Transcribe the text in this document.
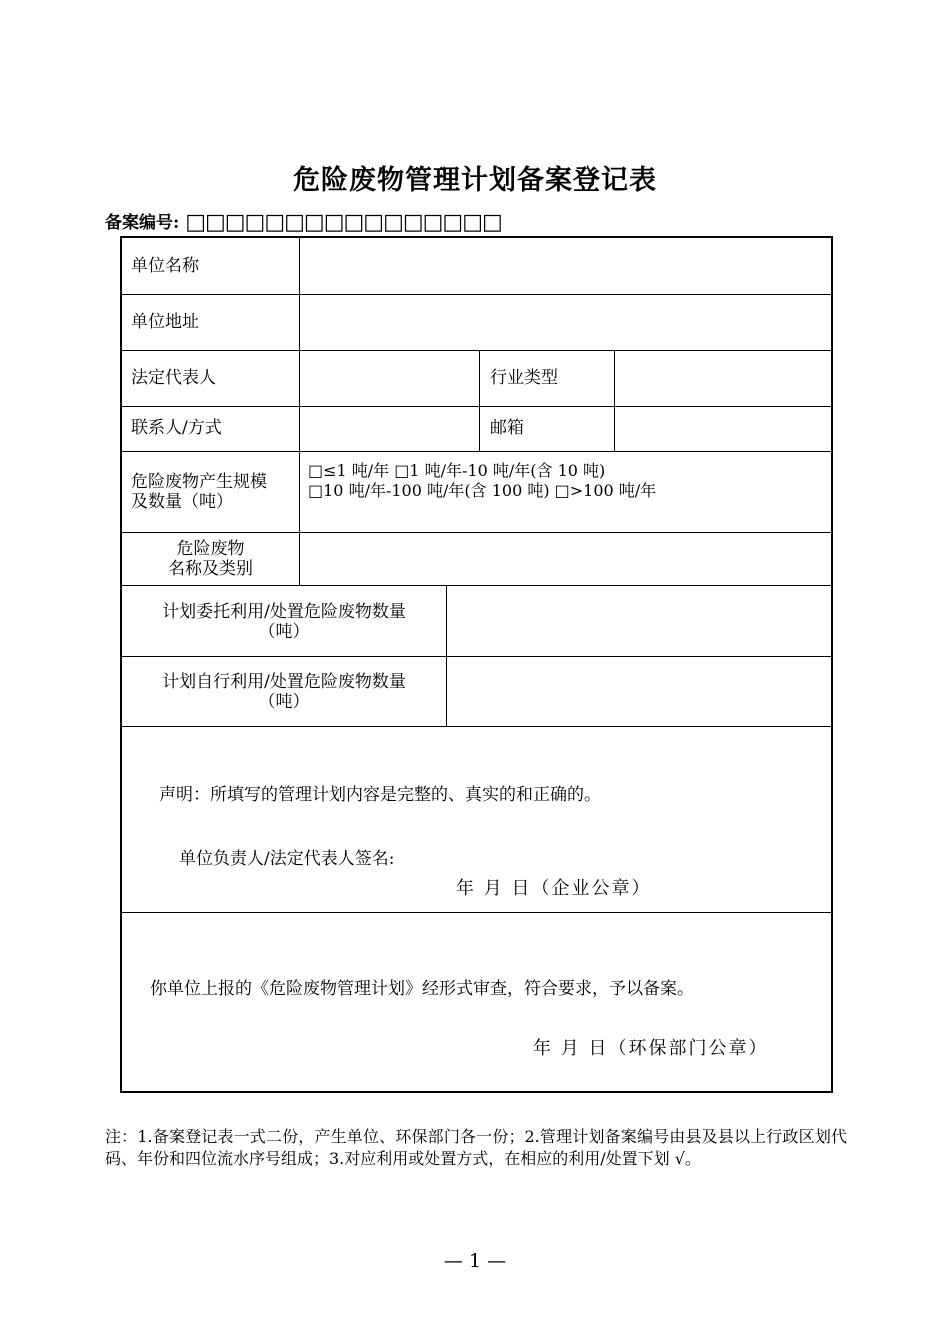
危险废物管理计划备案登记表
备案编号: □□□□□□□□□□□□□□□□
单位名称
单位地址
法定代表人	行业类型
联系人/方式	邮箱
危险废物产生规模
及数量（吨）
□≤1 吨/年 □1 吨/年-10 吨/年(含 10 吨)
□10 吨/年-100 吨/年(含 100 吨) □>100 吨/年
危险废物
名称及类别
计划委托利用/处置危险废物数量
（吨）
计划自行利用/处置危险废物数量
（吨）
声明：所填写的管理计划内容是完整的、真实的和正确的。
单位负责人/法定代表人签名:
年 月 日（企业公章）
你单位上报的《危险废物管理计划》经形式审查，符合要求，予以备案。
年 月 日（环保部门公章）
注：1.备案登记表一式二份，产生单位、环保部门各一份；2.管理计划备案编号由县及县以上行政区划代码、年份和四位流水序号组成；3.对应利用或处置方式，在相应的利用/处置下划 √。
— 1 —
